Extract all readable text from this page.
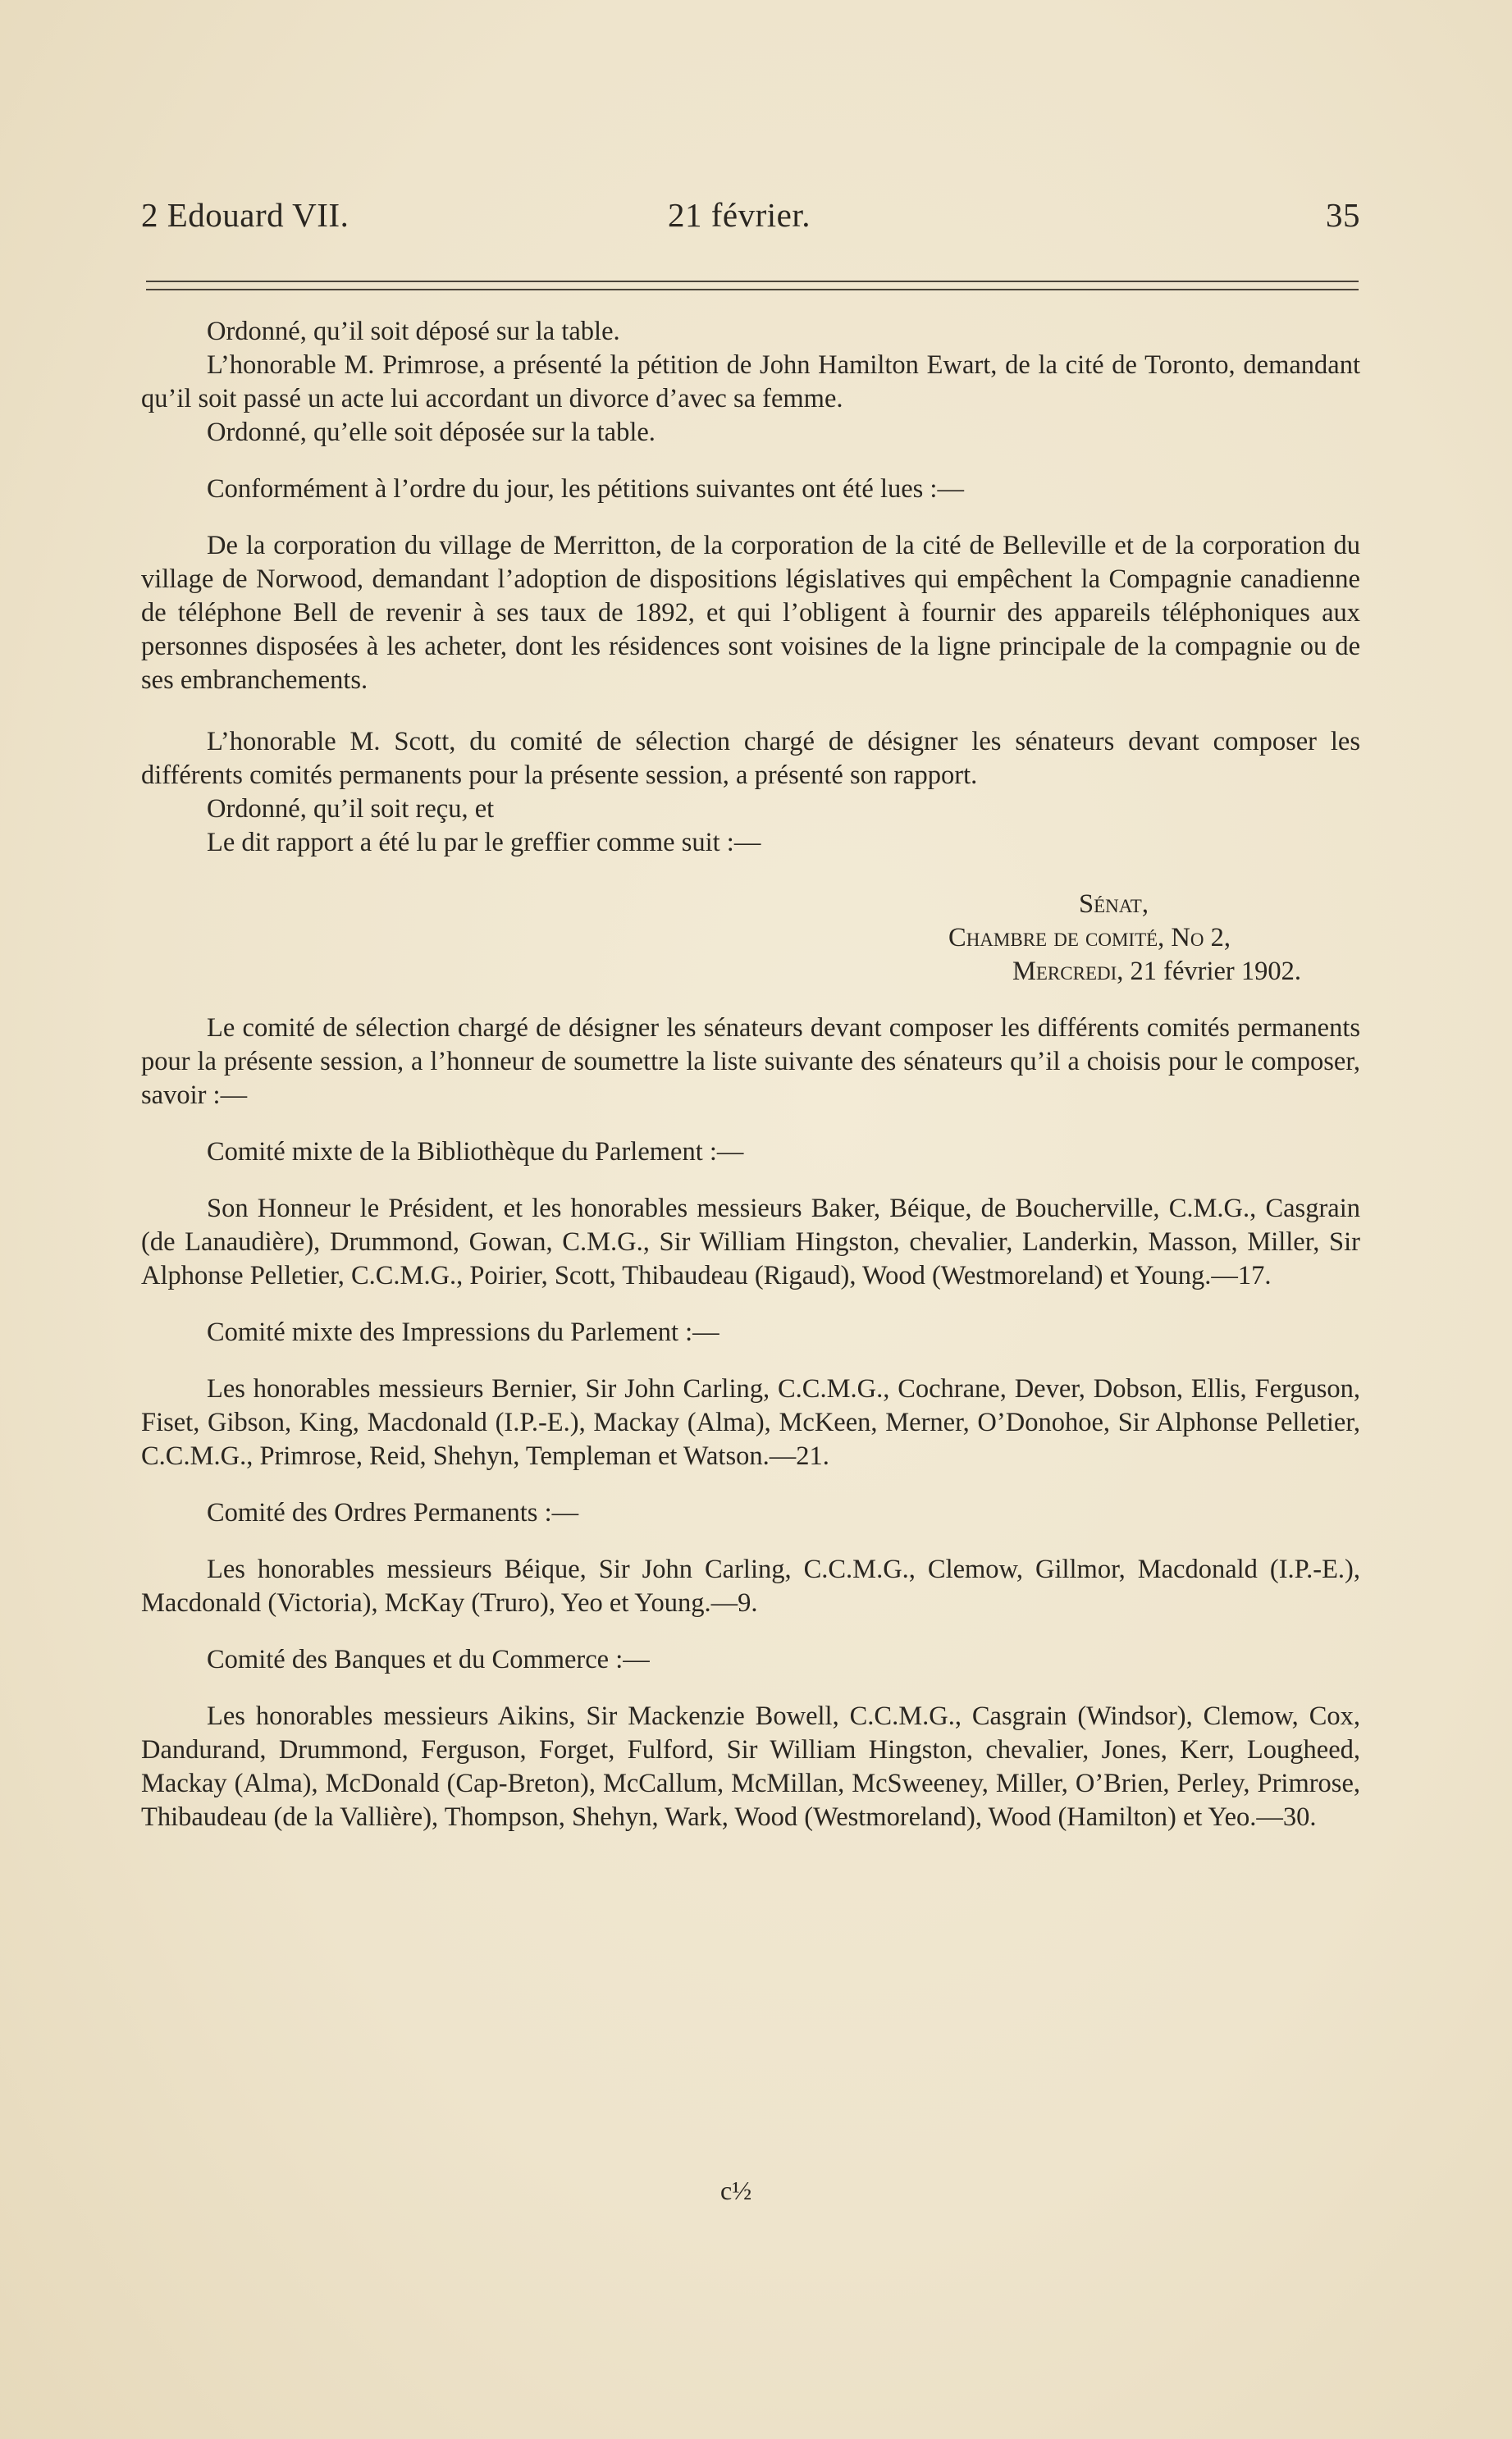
2 Edouard VII.	21 février.	35

Ordonné, qu’il soit déposé sur la table.

L’honorable M. Primrose, a présenté la pétition de John Hamilton Ewart, de la cité de Toronto, demandant qu’il soit passé un acte lui accordant un divorce d’avec sa femme.

Ordonné, qu’elle soit déposée sur la table.

Conformément à l’ordre du jour, les pétitions suivantes ont été lues :—

De la corporation du village de Merritton, de la corporation de la cité de Belleville et de la corporation du village de Norwood, demandant l’adoption de dispositions législatives qui empêchent la Compagnie canadienne de téléphone Bell de revenir à ses taux de 1892, et qui l’obligent à fournir des appareils téléphoniques aux personnes disposées à les acheter, dont les résidences sont voisines de la ligne principale de la compagnie ou de ses embranchements.

L’honorable M. Scott, du comité de sélection chargé de désigner les sénateurs devant composer les différents comités permanents pour la présente session, a présenté son rapport.

Ordonné, qu’il soit reçu, et

Le dit rapport a été lu par le greffier comme suit :—

Sénat,

Chambre de comité, No 2,

Mercredi, 21 février 1902.

Le comité de sélection chargé de désigner les sénateurs devant composer les différents comités permanents pour la présente session, a l’honneur de soumettre la liste suivante des sénateurs qu’il a choisis pour le composer, savoir :—

Comité mixte de la Bibliothèque du Parlement :—

Son Honneur le Président, et les honorables messieurs Baker, Béique, de Boucherville, C.M.G., Casgrain (de Lanaudière), Drummond, Gowan, C.M.G., Sir William Hingston, chevalier, Landerkin, Masson, Miller, Sir Alphonse Pelletier, C.C.M.G., Poirier, Scott, Thibaudeau (Rigaud), Wood (Westmoreland) et Young.—17.

Comité mixte des Impressions du Parlement :—

Les honorables messieurs Bernier, Sir John Carling, C.C.M.G., Cochrane, Dever, Dobson, Ellis, Ferguson, Fiset, Gibson, King, Macdonald (I.P.-E.), Mackay (Alma), McKeen, Merner, O’Donohoe, Sir Alphonse Pelletier, C.C.M.G., Primrose, Reid, Shehyn, Templeman et Watson.—21.

Comité des Ordres Permanents :—

Les honorables messieurs Béique, Sir John Carling, C.C.M.G., Clemow, Gillmor, Macdonald (I.P.-E.), Macdonald (Victoria), McKay (Truro), Yeo et Young.—9.

Comité des Banques et du Commerce :—

Les honorables messieurs Aikins, Sir Mackenzie Bowell, C.C.M.G., Casgrain (Windsor), Clemow, Cox, Dandurand, Drummond, Ferguson, Forget, Fulford, Sir William Hingston, chevalier, Jones, Kerr, Lougheed, Mackay (Alma), McDonald (Cap-Breton), McCallum, McMillan, McSweeney, Miller, O’Brien, Perley, Primrose, Thibaudeau (de la Vallière), Thompson, Shehyn, Wark, Wood (Westmoreland), Wood (Hamilton) et Yeo.—30.

c½
